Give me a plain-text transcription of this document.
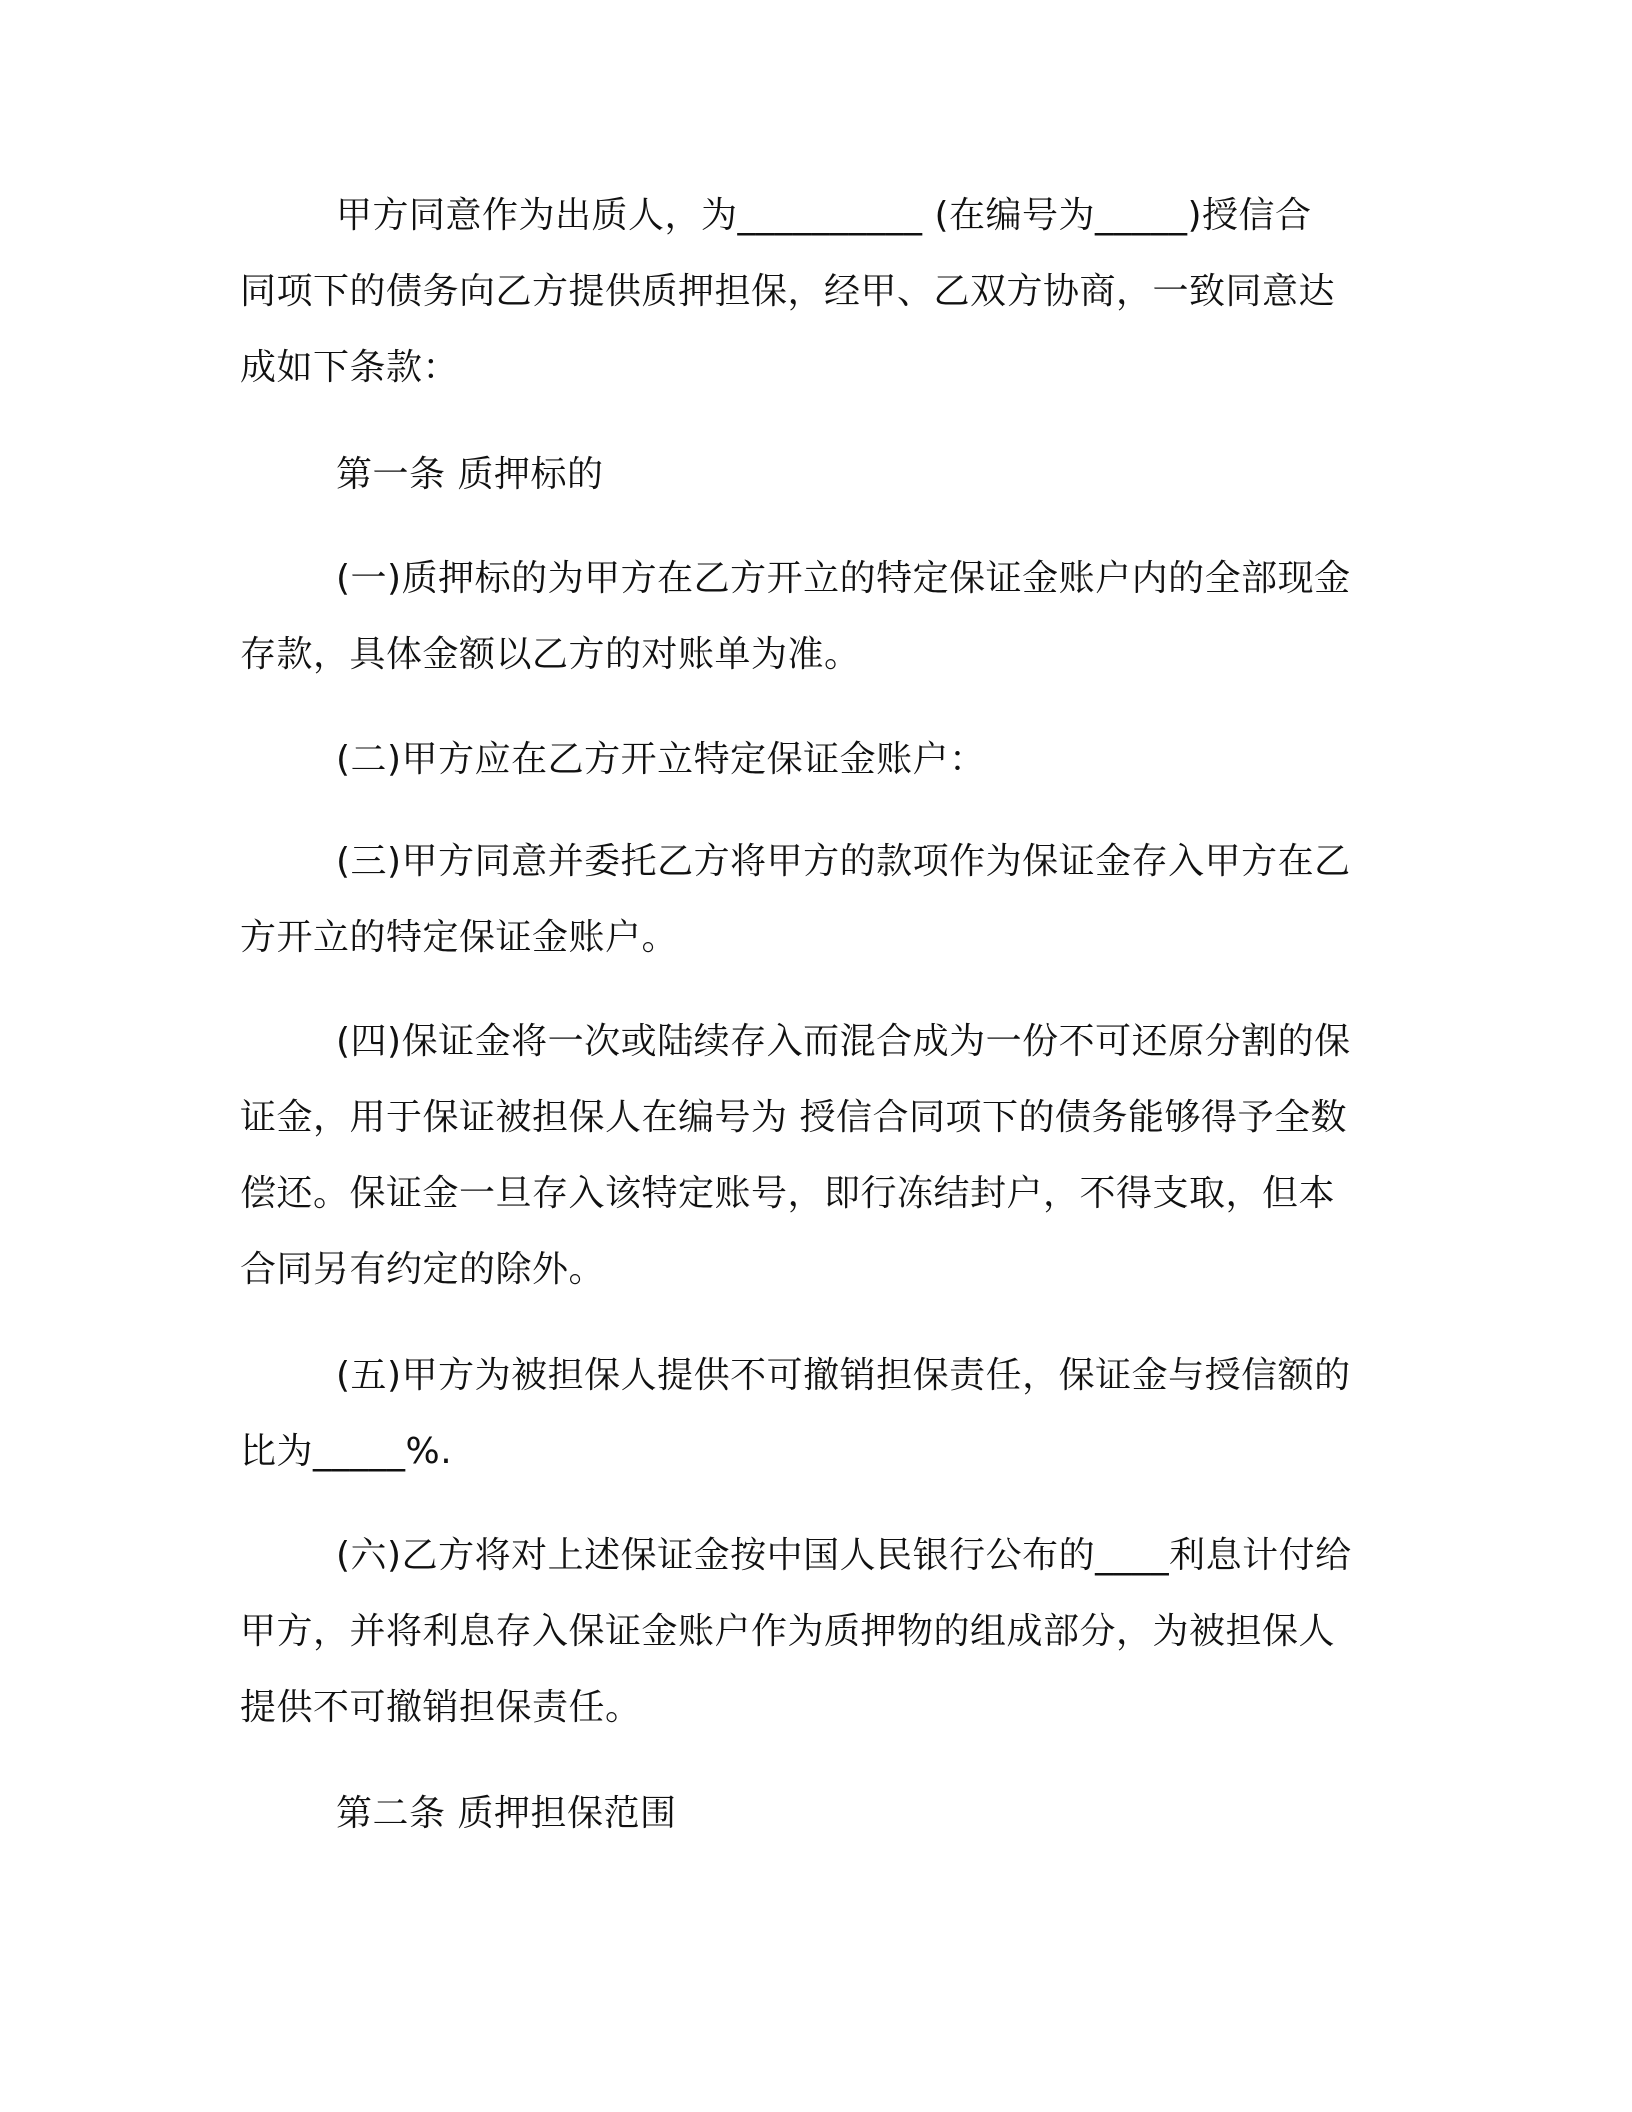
甲方同意作为出质人，为__________ (在编号为_____)授信合
同项下的债务向乙方提供质押担保，经甲、乙双方协商，一致同意达
成如下条款：
第一条 质押标的
(一)质押标的为甲方在乙方开立的特定保证金账户内的全部现金
存款，具体金额以乙方的对账单为准。
(二)甲方应在乙方开立特定保证金账户：
(三)甲方同意并委托乙方将甲方的款项作为保证金存入甲方在乙
方开立的特定保证金账户。
(四)保证金将一次或陆续存入而混合成为一份不可还原分割的保
证金，用于保证被担保人在编号为 授信合同项下的债务能够得予全数
偿还。保证金一旦存入该特定账号，即行冻结封户，不得支取，但本
合同另有约定的除外。
(五)甲方为被担保人提供不可撤销担保责任，保证金与授信额的
比为_____%.
(六)乙方将对上述保证金按中国人民银行公布的____利息计付给
甲方，并将利息存入保证金账户作为质押物的组成部分，为被担保人
提供不可撤销担保责任。
第二条 质押担保范围
